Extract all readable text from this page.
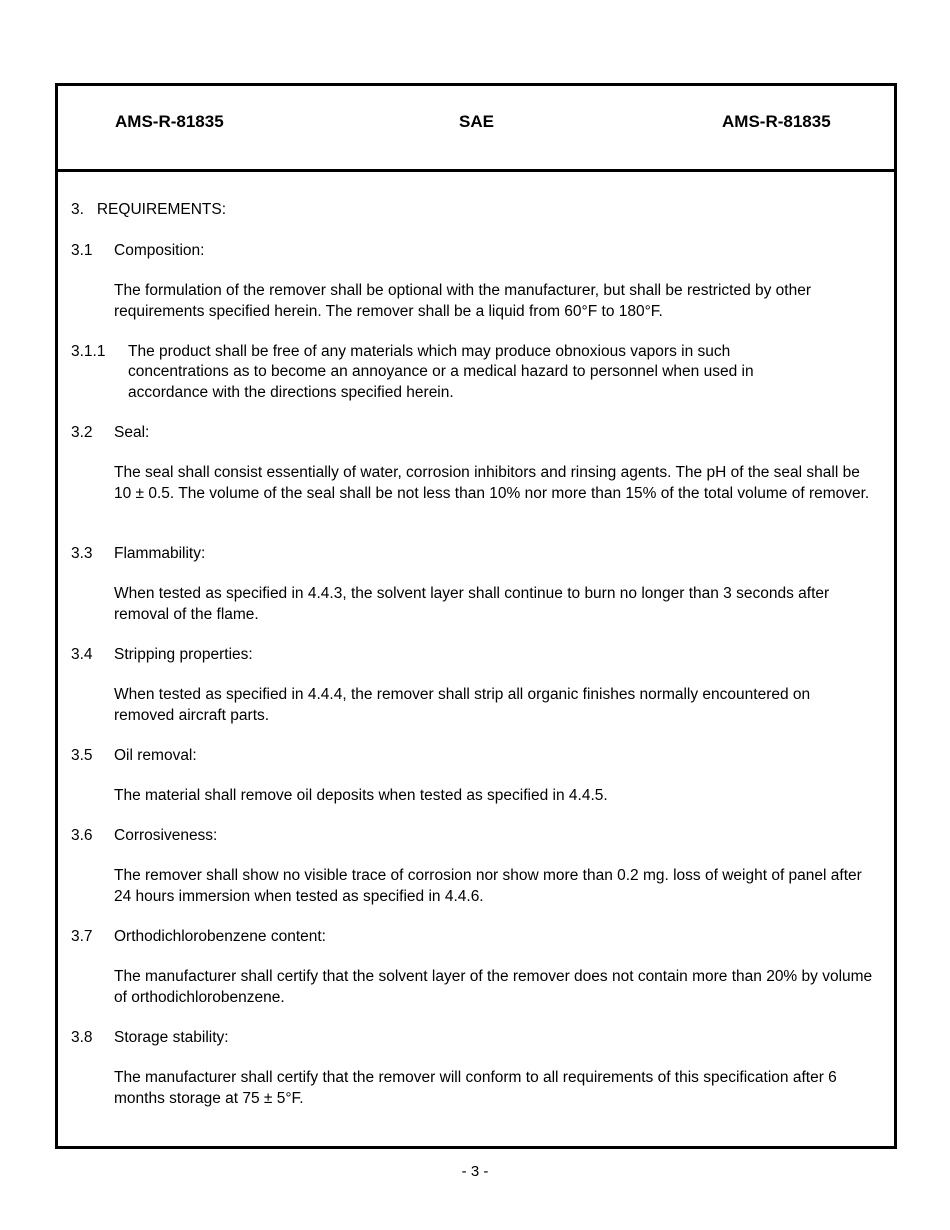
AMS-R-81835	SAE	AMS-R-81835
3. REQUIREMENTS:
3.1 Composition:
The formulation of the remover shall be optional with the manufacturer, but shall be restricted by other requirements specified herein. The remover shall be a liquid from 60°F to 180°F.
3.1.1 The product shall be free of any materials which may produce obnoxious vapors in such
concentrations as to become an annoyance or a medical hazard to personnel when used in
accordance with the directions specified herein.
3.2 Seal:
The seal shall consist essentially of water, corrosion inhibitors and rinsing agents. The pH of the seal shall be 10 ± 0.5. The volume of the seal shall be not less than 10% nor more than 15% of the total volume of remover.
3.3 Flammability:
When tested as specified in 4.4.3, the solvent layer shall continue to burn no longer than 3 seconds after removal of the flame.
3.4 Stripping properties:
When tested as specified in 4.4.4, the remover shall strip all organic finishes normally encountered on removed aircraft parts.
3.5 Oil removal:
The material shall remove oil deposits when tested as specified in 4.4.5.
3.6 Corrosiveness:
The remover shall show no visible trace of corrosion nor show more than 0.2 mg. loss of weight of panel after 24 hours immersion when tested as specified in 4.4.6.
3.7 Orthodichlorobenzene content:
The manufacturer shall certify that the solvent layer of the remover does not contain more than 20% by volume of orthodichlorobenzene.
3.8 Storage stability:
The manufacturer shall certify that the remover will conform to all requirements of this specification after 6 months storage at 75 ± 5°F.
- 3 -
